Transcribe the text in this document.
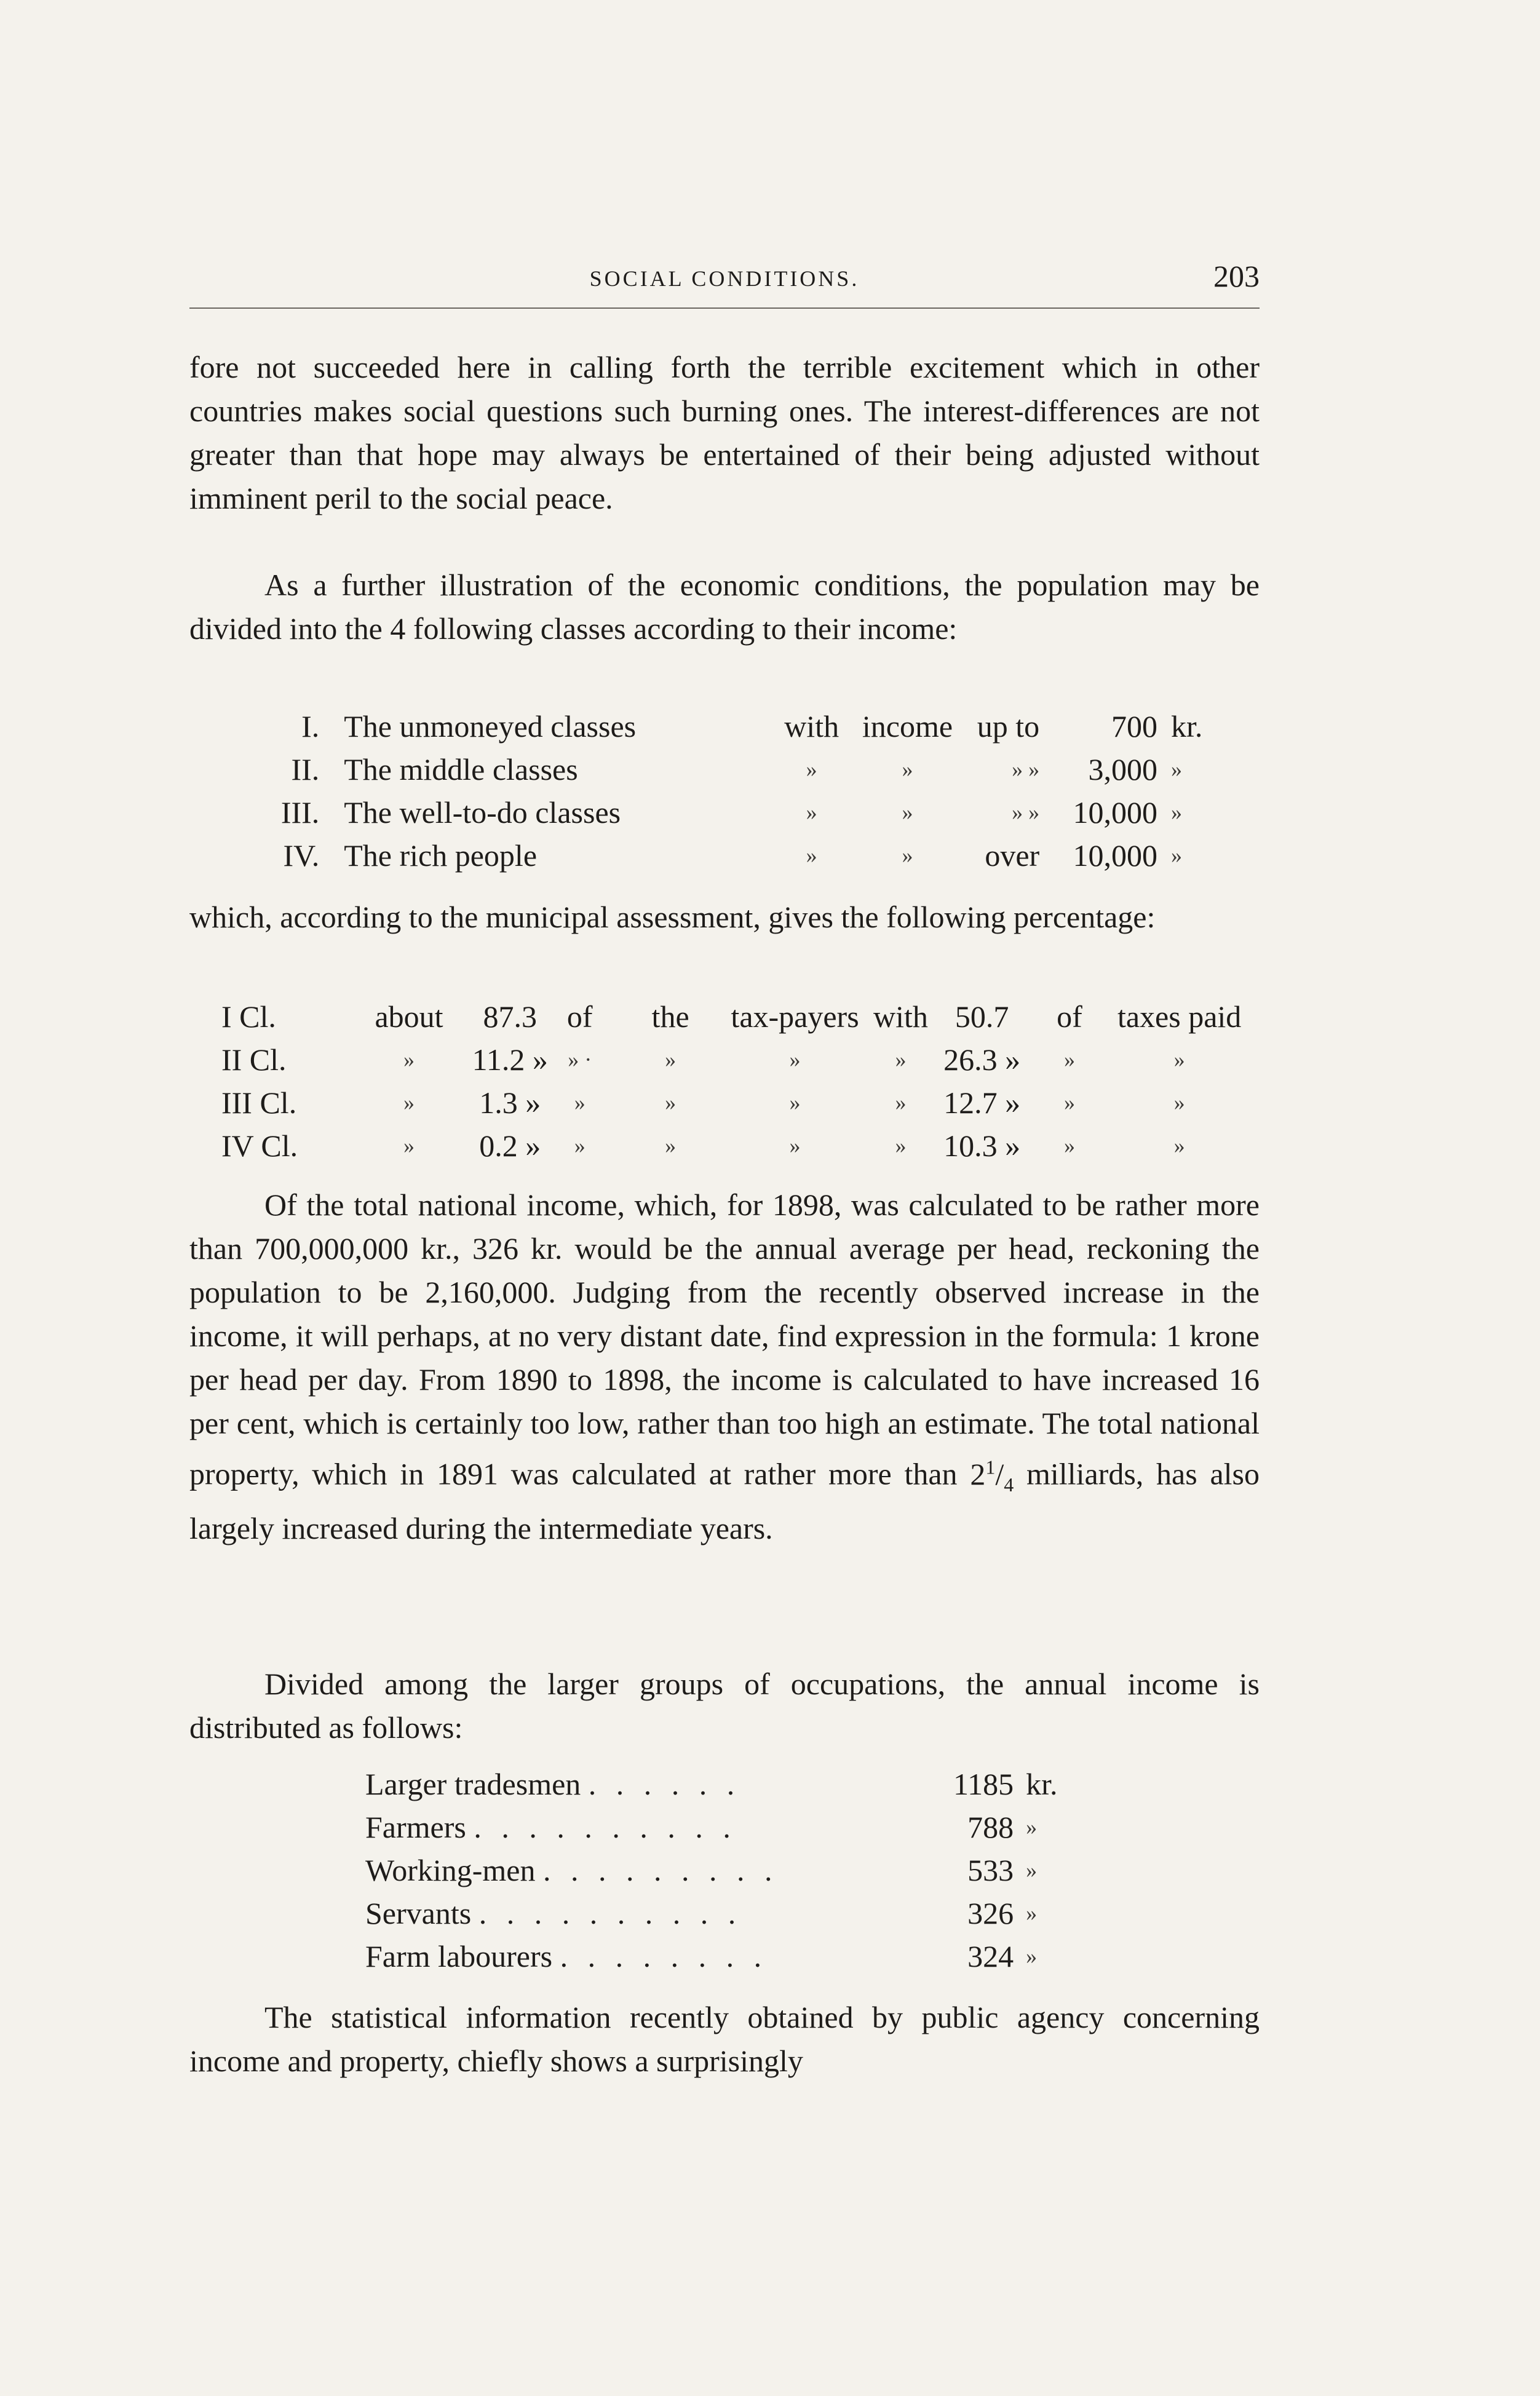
SOCIAL CONDITIONS.	203

fore not succeeded here in calling forth the terrible excitement which in other countries makes social questions such burning ones. The interest-differences are not greater than that hope may always be entertained of their being adjusted without imminent peril to the social peace.

As a further illustration of the economic conditions, the population may be divided into the 4 following classes according to their income:

I.	The unmoneyed classes	with	income	up to	700	kr.
II.	The middle classes	»	»	» »	3,000	»
III.	The well-to-do classes	»	»	» »	10,000	»
IV.	The rich people	»	»	over	10,000	»

which, according to the municipal assessment, gives the following percentage:

I Cl.	about	87.3	of	the	tax-payers	with	50.7	of	taxes paid
II Cl.	»	11.2 »	» ·	»	»	»	26.3 »	»	»
III Cl.	»	1.3 »	»	»	»	»	12.7 »	»	»
IV Cl.	»	0.2 »	»	»	»	»	10.3 »	»	»

Of the total national income, which, for 1898, was calculated to be rather more than 700,000,000 kr., 326 kr. would be the annual average per head, reckoning the population to be 2,160,000. Judging from the recently observed increase in the income, it will perhaps, at no very distant date, find expression in the formula: 1 krone per head per day. From 1890 to 1898, the income is calculated to have increased 16 per cent, which is certainly too low, rather than too high an estimate. The total national property, which in 1891 was calculated at rather more than $2^1/_4$ milliards, has also largely increased during the intermediate years.

Divided among the larger groups of occupations, the annual income is distributed as follows:

Larger tradesmen . . . . . .	1185	kr.
Farmers . . . . . . . . . .	788	»
Working-men . . . . . . . . .	533	»
Servants . . . . . . . . . .	326	»
Farm labourers . . . . . . . .	324	»

The statistical information recently obtained by public agency concerning income and property, chiefly shows a surprisingly
